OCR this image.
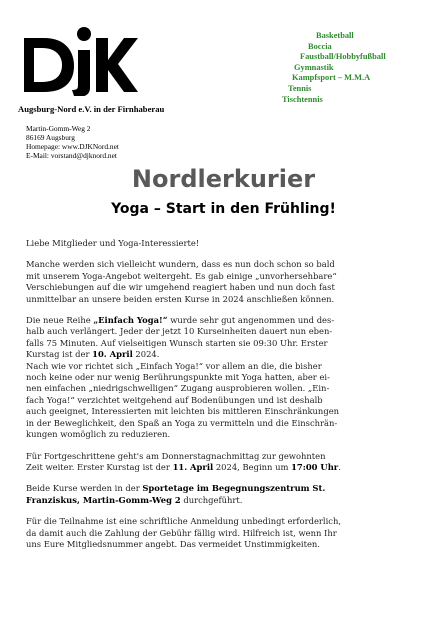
Augsburg-Nord e.V. in der Firnhaberau
Basketball
Boccia
Faustball/Hobbyfußball
Gymnastik
Kampfsport – M.M.A
Tennis
Tischtennis
Martin-Gomm-Weg 2
86169 Augsburg
Homepage: www.DJKNord.net
E-Mail: vorstand@djknord.net
Nordlerkurier
Yoga – Start in den Frühling!
Liebe Mitglieder und Yoga-Interessierte!
Manche werden sich vielleicht wundern, dass es nun doch schon so bald
mit unserem Yoga-Angebot weitergeht. Es gab einige „unvorhersehbare“
Verschiebungen auf die wir umgehend reagiert haben und nun doch fast
unmittelbar an unsere beiden ersten Kurse in 2024 anschließen können.
Die neue Reihe „Einfach Yoga!“ wurde sehr gut angenommen und des-
halb auch verlängert. Jeder der jetzt 10 Kurseinheiten dauert nun eben-
falls 75 Minuten. Auf vielseitigen Wunsch starten sie 09:30 Uhr. Erster
Kurstag ist der 10. April 2024.
Nach wie vor richtet sich „Einfach Yoga!“ vor allem an die, die bisher
noch keine oder nur wenig Berührungspunkte mit Yoga hatten, aber ei-
nen einfachen „niedrigschwelligen“ Zugang ausprobieren wollen. „Ein-
fach Yoga!“ verzichtet weitgehend auf Bodenübungen und ist deshalb
auch geeignet, Interessierten mit leichten bis mittleren Einschränkungen
in der Beweglichkeit, den Spaß an Yoga zu vermitteln und die Einschrän-
kungen womöglich zu reduzieren.
Für Fortgeschrittene geht's am Donnerstagnachmittag zur gewohnten
Zeit weiter. Erster Kurstag ist der 11. April 2024, Beginn um 17:00 Uhr.
Beide Kurse werden in der Sportetage im Begegnungszentrum St.
Franziskus, Martin-Gomm-Weg 2 durchgeführt.
Für die Teilnahme ist eine schriftliche Anmeldung unbedingt erforderlich,
da damit auch die Zahlung der Gebühr fällig wird. Hilfreich ist, wenn Ihr
uns Eure Mitgliedsnummer angebt. Das vermeidet Unstimmigkeiten.
